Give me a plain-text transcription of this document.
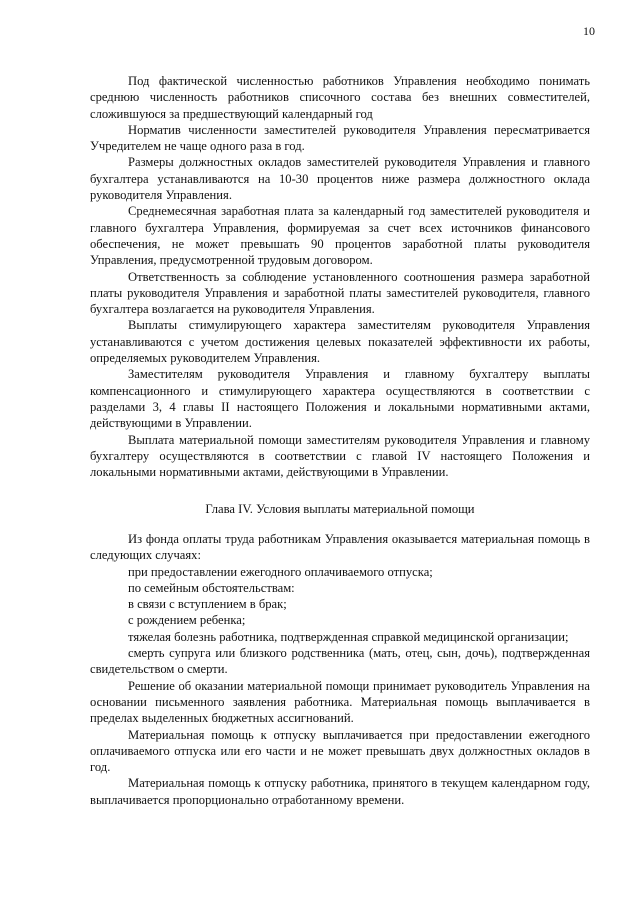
10

Под фактической численностью работников Управления необходимо понимать среднюю численность работников списочного состава без внешних совместителей, сложившуюся за предшествующий календарный год

Норматив численности заместителей руководителя Управления пересматривается Учредителем не чаще одного раза в год.

Размеры должностных окладов заместителей руководителя Управления и главного бухгалтера устанавливаются на 10-30 процентов ниже размера должностного оклада руководителя Управления.

Среднемесячная заработная плата за календарный год заместителей руководителя и главного бухгалтера Управления, формируемая за счет всех источников финансового обеспечения, не может превышать 90 процентов заработной платы руководителя Управления, предусмотренной трудовым договором.

Ответственность за соблюдение установленного соотношения размера заработной платы руководителя Управления и заработной платы заместителей руководителя, главного бухгалтера возлагается на руководителя Управления.

Выплаты стимулирующего характера заместителям руководителя Управления устанавливаются с учетом достижения целевых показателей эффективности их работы, определяемых руководителем Управления.

Заместителям руководителя Управления и главному бухгалтеру выплаты компенсационного и стимулирующего характера осуществляются в соответствии с разделами 3, 4 главы II настоящего Положения и локальными нормативными актами, действующими в Управлении.

Выплата материальной помощи заместителям руководителя Управления и главному бухгалтеру осуществляются в соответствии с главой IV настоящего Положения и локальными нормативными актами, действующими в Управлении.

Глава IV. Условия выплаты материальной помощи

Из фонда оплаты труда работникам Управления оказывается материальная помощь в следующих случаях:

при предоставлении ежегодного оплачиваемого отпуска;

по семейным обстоятельствам:

в связи с вступлением в брак;

с рождением ребенка;

тяжелая болезнь работника, подтвержденная справкой медицинской организации;

смерть супруга или близкого родственника (мать, отец, сын, дочь), подтвержденная свидетельством о смерти.

Решение об оказании материальной помощи принимает руководитель Управления на основании письменного заявления работника. Материальная помощь выплачивается в пределах выделенных бюджетных ассигнований.

Материальная помощь к отпуску выплачивается при предоставлении ежегодного оплачиваемого отпуска или его части и не может превышать двух должностных окладов в год.

Материальная помощь к отпуску работника, принятого в текущем календарном году, выплачивается пропорционально отработанному времени.
